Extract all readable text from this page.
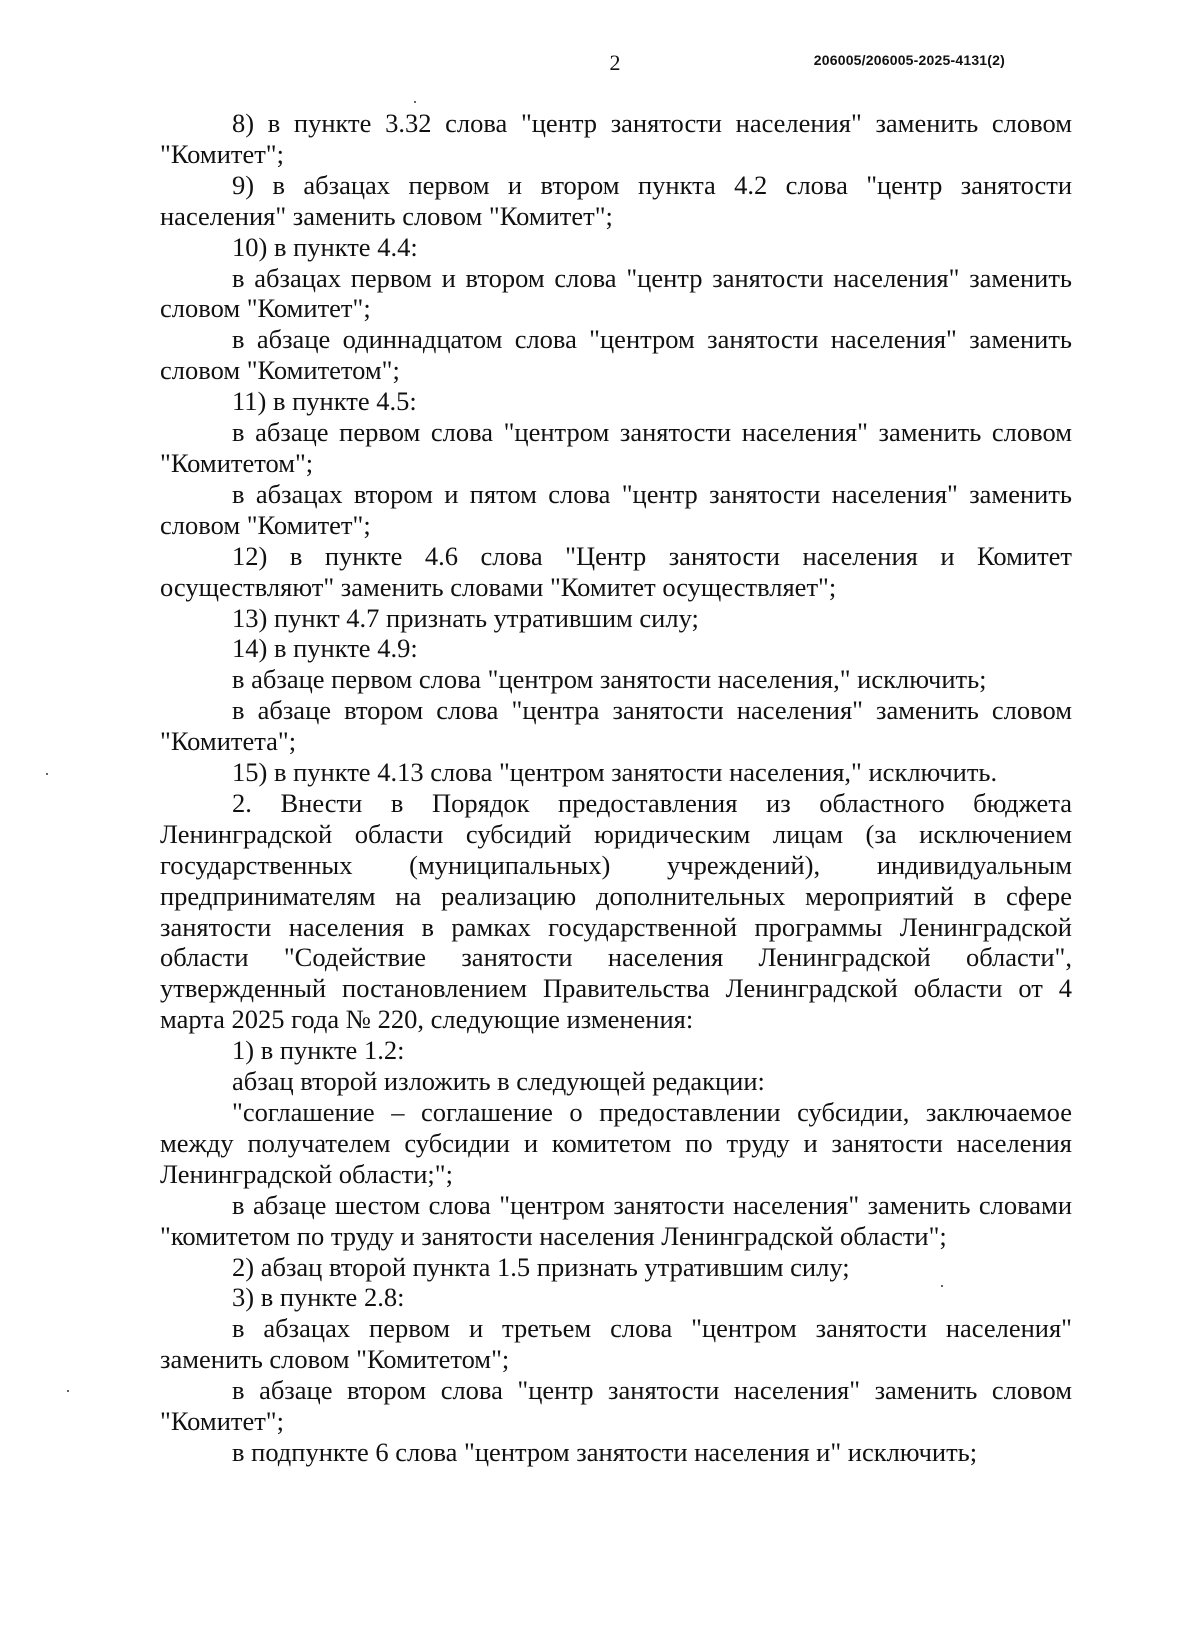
2	206005/206005-2025-4131(2)

8) в пункте 3.32 слова "центр занятости населения" заменить словом "Комитет";

9) в абзацах первом и втором пункта 4.2 слова "центр занятости населения" заменить словом "Комитет";

10) в пункте 4.4:

в абзацах первом и втором слова "центр занятости населения" заменить словом "Комитет";

в абзаце одиннадцатом слова "центром занятости населения" заменить словом "Комитетом";

11) в пункте 4.5:

в абзаце первом слова "центром занятости населения" заменить словом "Комитетом";

в абзацах втором и пятом слова "центр занятости населения" заменить словом "Комитет";

12) в пункте 4.6 слова "Центр занятости населения и Комитет осуществляют" заменить словами "Комитет осуществляет";

13) пункт 4.7 признать утратившим силу;

14) в пункте 4.9:

в абзаце первом слова "центром занятости населения," исключить;

в абзаце втором слова "центра занятости населения" заменить словом "Комитета";

15) в пункте 4.13 слова "центром занятости населения," исключить.

2. Внести в Порядок предоставления из областного бюджета Ленинградской области субсидий юридическим лицам (за исключением государственных (муниципальных) учреждений), индивидуальным предпринимателям на реализацию дополнительных мероприятий в сфере занятости населения в рамках государственной программы Ленинградской области "Содействие занятости населения Ленинградской области", утвержденный постановлением Правительства Ленинградской области от 4 марта 2025 года № 220, следующие изменения:

1) в пункте 1.2:

абзац второй изложить в следующей редакции:

"соглашение – соглашение о предоставлении субсидии, заключаемое между получателем субсидии и комитетом по труду и занятости населения Ленинградской области;";

в абзаце шестом слова "центром занятости населения" заменить словами "комитетом по труду и занятости населения Ленинградской области";

2) абзац второй пункта 1.5 признать утратившим силу;

3) в пункте 2.8:

в абзацах первом и третьем слова "центром занятости населения" заменить словом "Комитетом";

в абзаце втором слова "центр занятости населения" заменить словом "Комитет";

в подпункте 6 слова "центром занятости населения и" исключить;
